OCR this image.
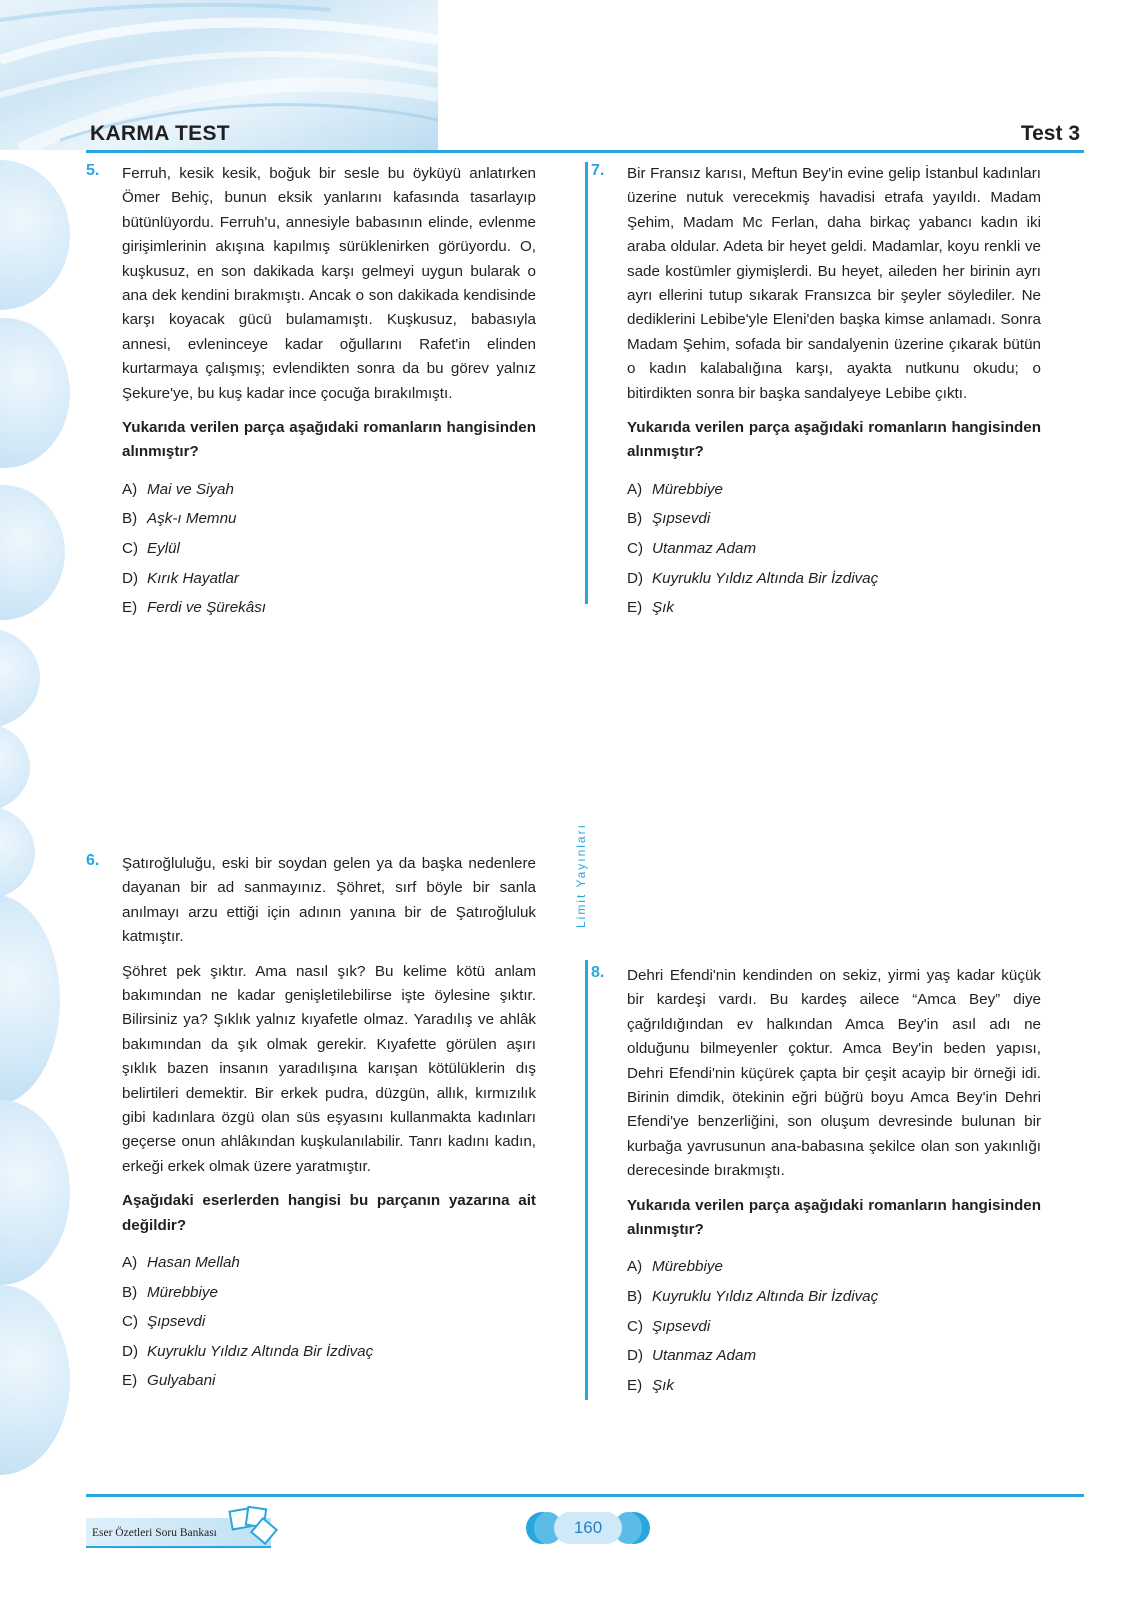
KARMA TEST	Test 3
Limit Yayınları
5. Ferruh, kesik kesik, boğuk bir sesle bu öyküyü anlatırken Ömer Behiç, bunun eksik yanlarını kafasında tasarlayıp bütünlüyordu. Ferruh'u, annesiyle babasının elinde, evlenme girişimlerinin akışına kapılmış sürüklenirken görüyordu. O, kuşkusuz, en son dakikada karşı gelmeyi uygun bularak o ana dek kendini bırakmıştı. Ancak o son dakikada kendisinde karşı koyacak gücü bulamamıştı. Kuşkusuz, babasıyla annesi, evleninceye kadar oğullarını Rafet'in elinden kurtarmaya çalışmış; evlendikten sonra da bu görev yalnız Şekure'ye, bu kuş kadar ince çocuğa bırakılmıştı.

Yukarıda verilen parça aşağıdaki romanların hangisinden alınmıştır?

A) Mai ve Siyah
B) Aşk-ı Memnu
C) Eylül
D) Kırık Hayatlar
E) Ferdi ve Şürekâsı
6. Şatıroğluluğu, eski bir soydan gelen ya da başka nedenlere dayanan bir ad sanmayınız. Şöhret, sırf böyle bir sanla anılmayı arzu ettiği için adının yanına bir de Şatıroğluluk katmıştır.

Şöhret pek şıktır. Ama nasıl şık? Bu kelime kötü anlam bakımından ne kadar genişletilebilirse işte öylesine şıktır. Bilirsiniz ya? Şıklık yalnız kıyafetle olmaz. Yaradılış ve ahlâk bakımından da şık olmak gerekir. Kıyafette görülen aşırı şıklık bazen insanın yaradılışına karışan kötülüklerin dış belirtileri demektir. Bir erkek pudra, düzgün, allık, kırmızılık gibi kadınlara özgü olan süs eşyasını kullanmakta kadınları geçerse onun ahlâkından kuşkulanılabilir. Tanrı kadını kadın, erkeği erkek olmak üzere yaratmıştır.

Aşağıdaki eserlerden hangisi bu parçanın yazarına ait değildir?

A) Hasan Mellah
B) Mürebbiye
C) Şıpsevdi
D) Kuyruklu Yıldız Altında Bir İzdivaç
E) Gulyabani
7. Bir Fransız karısı, Meftun Bey'in evine gelip İstanbul kadınları üzerine nutuk verecekmiş havadisi etrafa yayıldı. Madam Şehim, Madam Mc Ferlan, daha birkaç yabancı kadın iki araba oldular. Adeta bir heyet geldi. Madamlar, koyu renkli ve sade kostümler giymişlerdi. Bu heyet, aileden her birinin ayrı ayrı ellerini tutup sıkarak Fransızca bir şeyler söylediler. Ne dediklerini Lebibe'yle Eleni'den başka kimse anlamadı. Sonra Madam Şehim, sofada bir sandalyenin üzerine çıkarak bütün o kadın kalabalığına karşı, ayakta nutkunu okudu; o bitirdikten sonra bir başka sandalyeye Lebibe çıktı.

Yukarıda verilen parça aşağıdaki romanların hangisinden alınmıştır?

A) Mürebbiye
B) Şıpsevdi
C) Utanmaz Adam
D) Kuyruklu Yıldız Altında Bir İzdivaç
E) Şık
8. Dehri Efendi'nin kendinden on sekiz, yirmi yaş kadar küçük bir kardeşi vardı. Bu kardeş ailece “Amca Bey” diye çağrıldığından ev halkından Amca Bey'in asıl adı ne olduğunu bilmeyenler çoktur. Amca Bey'in beden yapısı, Dehri Efendi'nin küçürek çapta bir çeşit acayip bir örneği idi. Birinin dimdik, ötekinin eğri büğrü boyu Amca Bey'in Dehri Efendi'ye benzerliğini, son oluşum devresinde bulunan bir kurbağa yavrusunun ana-babasına şekilce olan son yakınlığı derecesinde bırakmıştı.

Yukarıda verilen parça aşağıdaki romanların hangisinden alınmıştır?

A) Mürebbiye
B) Kuyruklu Yıldız Altında Bir İzdivaç
C) Şıpsevdi
D) Utanmaz Adam
E) Şık
Eser Özetleri Soru Bankası	160
